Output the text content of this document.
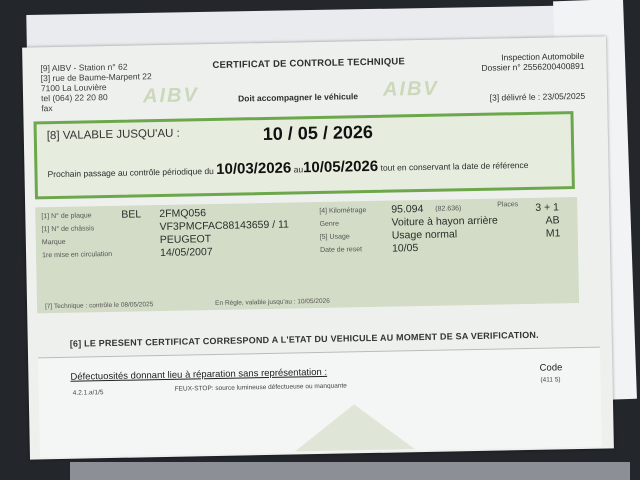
[9] AIBV - Station n° 62
[3] rue de Baume-Marpent 22
7100 La Louvière
tel (064) 22 20 80
fax
AIBV	AIBV
CERTIFICAT DE CONTROLE TECHNIQUE
Doit accompagner le véhicule
Inspection Automobile
Dossier n° 2556200400891
[3] délivré le : 23/05/2025
[8] VALABLE JUSQU'AU :	10 / 05 / 2026
Prochain passage au contrôle périodique du 10/03/2026 au10/05/2026 tout en conservant la date de référence
[1] N° de plaque	BEL 2FMQ056
[1] N° de châssis	VF3PMCFAC88143659 / 11
Marque	PEUGEOT
1re mise en circulation	14/05/2007
[4] Kilométrage 95.094 (82.636)
Places 3 + 1
Genre	Voiture à hayon arrière	AB
[5] Usage	Usage normal	M1
Date de reset	10/05
[7] Technique : contrôle le 08/05/2025	En Règle, valable jusqu'au : 10/05/2026
[6] LE PRESENT CERTIFICAT CORRESPOND A L'ETAT DU VEHICULE AU MOMENT DE SA VERIFICATION.
Défectuosités donnant lieu à réparation sans représentation :	Code
4.2.1.a/1/5
FEUX-STOP: source lumineuse défectueuse ou manquante
(411 5)
